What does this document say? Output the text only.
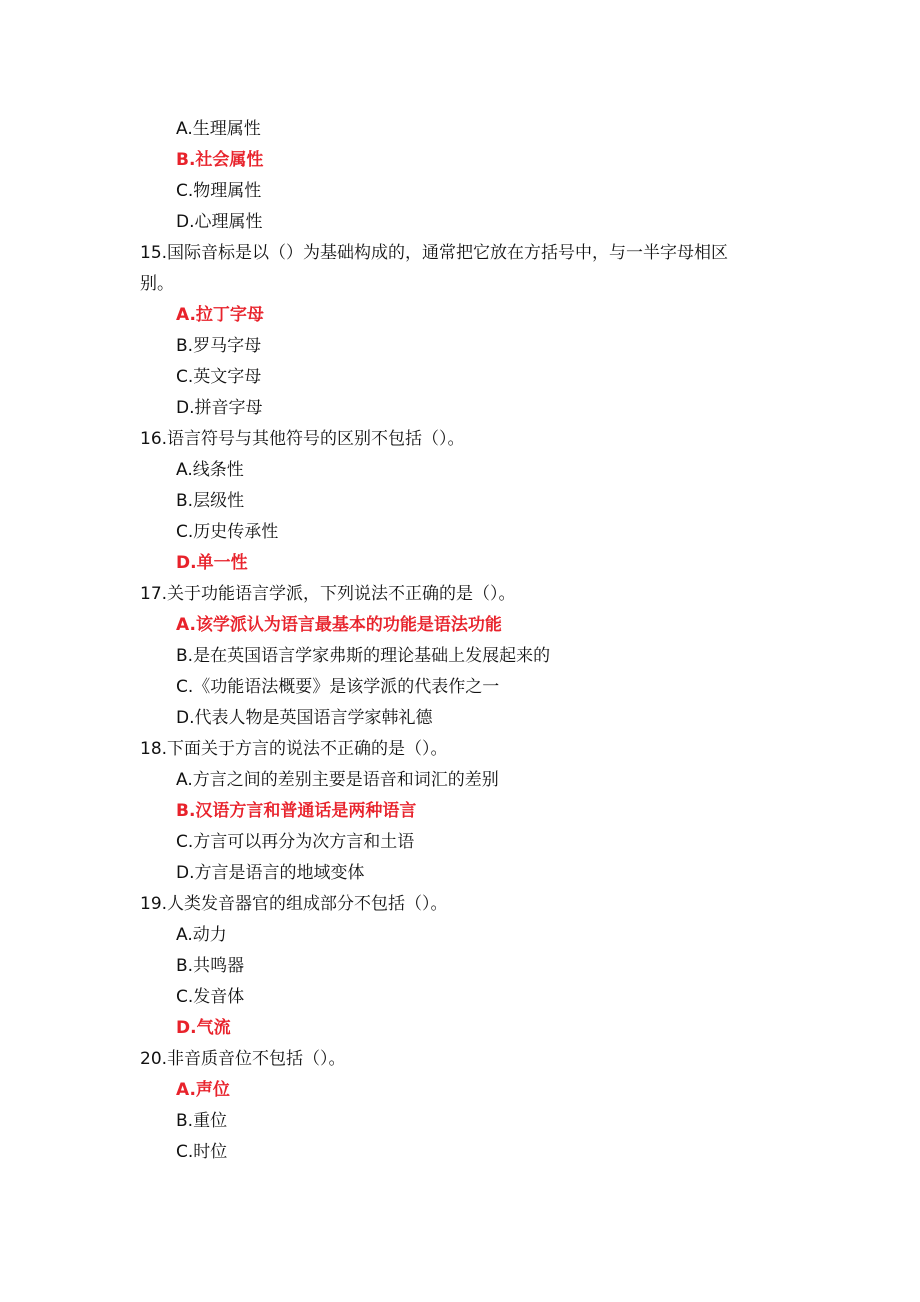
A.生理属性
B.社会属性
C.物理属性
D.心理属性
15.国际音标是以（）为基础构成的，通常把它放在方括号中，与一半字母相区
别。
A.拉丁字母
B.罗马字母
C.英文字母
D.拼音字母
16.语言符号与其他符号的区别不包括（）。
A.线条性
B.层级性
C.历史传承性
D.单一性
17.关于功能语言学派，下列说法不正确的是（）。
A.该学派认为语言最基本的功能是语法功能
B.是在英国语言学家弗斯的理论基础上发展起来的
C.《功能语法概要》是该学派的代表作之一
D.代表人物是英国语言学家韩礼德
18.下面关于方言的说法不正确的是（）。
A.方言之间的差别主要是语音和词汇的差别
B.汉语方言和普通话是两种语言
C.方言可以再分为次方言和土语
D.方言是语言的地域变体
19.人类发音器官的组成部分不包括（）。
A.动力
B.共鸣器
C.发音体
D.气流
20.非音质音位不包括（）。
A.声位
B.重位
C.时位
